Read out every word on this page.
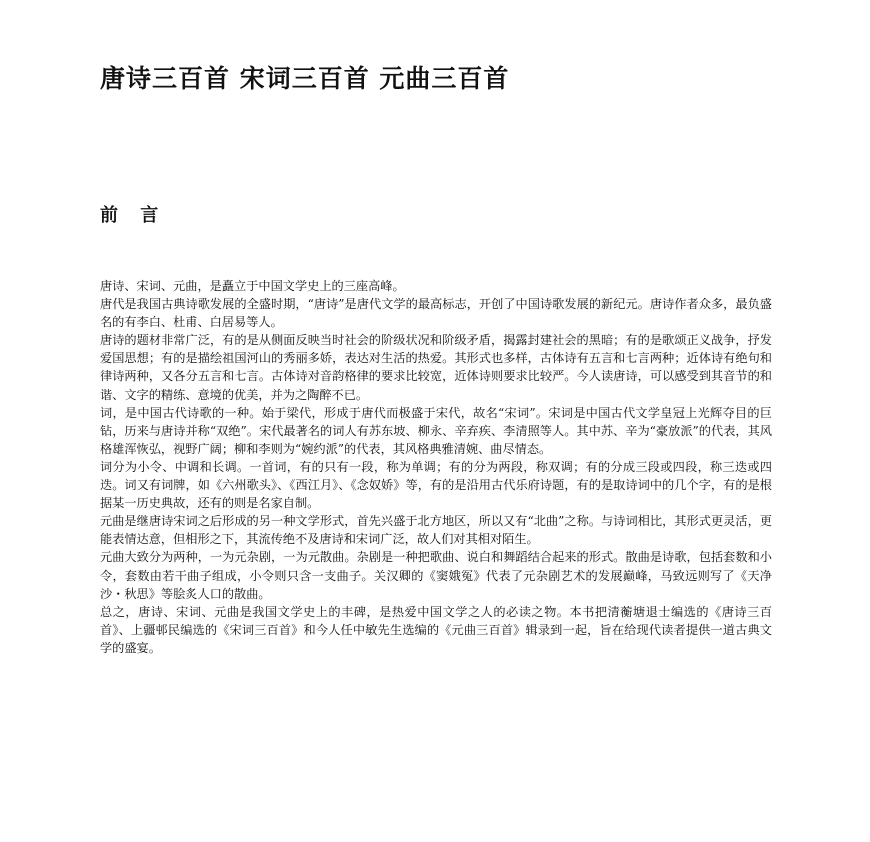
唐诗三百首 宋词三百首 元曲三百首
前 言

唐诗、宋词、元曲，是矗立于中国文学史上的三座高峰。

唐代是我国古典诗歌发展的全盛时期，“唐诗”是唐代文学的最高标志，开创了中国诗歌发展的新纪元。唐诗作者众多，最负盛名的有李白、杜甫、白居易等人。

唐诗的题材非常广泛，有的是从侧面反映当时社会的阶级状况和阶级矛盾，揭露封建社会的黑暗；有的是歌颂正义战争，抒发爱国思想；有的是描绘祖国河山的秀丽多娇，表达对生活的热爱。其形式也多样，古体诗有五言和七言两种；近体诗有绝句和律诗两种，又各分五言和七言。古体诗对音韵格律的要求比较宽，近体诗则要求比较严。今人读唐诗，可以感受到其音节的和谐、文字的精练、意境的优美，并为之陶醉不已。

词，是中国古代诗歌的一种。始于梁代，形成于唐代而极盛于宋代，故名“宋词”。宋词是中国古代文学皇冠上光辉夺目的巨钻，历来与唐诗并称“双绝”。宋代最著名的词人有苏东坡、柳永、辛弃疾、李清照等人。其中苏、辛为“豪放派”的代表，其风格雄浑恢弘，视野广阔；柳和李则为“婉约派”的代表，其风格典雅清婉、曲尽情态。

词分为小令、中调和长调。一首词，有的只有一段，称为单调；有的分为两段，称双调；有的分成三段或四段，称三迭或四迭。词又有词牌，如《六州歌头》、《西江月》、《念奴娇》等，有的是沿用古代乐府诗题，有的是取诗词中的几个字，有的是根据某一历史典故，还有的则是名家自制。

元曲是继唐诗宋词之后形成的另一种文学形式，首先兴盛于北方地区，所以又有“北曲”之称。与诗词相比，其形式更灵活，更能表情达意，但相形之下，其流传绝不及唐诗和宋词广泛，故人们对其相对陌生。

元曲大致分为两种，一为元杂剧，一为元散曲。杂剧是一种把歌曲、说白和舞蹈结合起来的形式。散曲是诗歌，包括套数和小令，套数由若干曲子组成，小令则只含一支曲子。关汉卿的《窦娥冤》代表了元杂剧艺术的发展巅峰，马致远则写了《天净沙・秋思》等脍炙人口的散曲。

总之，唐诗、宋词、元曲是我国文学史上的丰碑，是热爱中国文学之人的必读之物。本书把清蘅塘退士编选的《唐诗三百首》、上疆邨民编选的《宋词三百首》和今人任中敏先生选编的《元曲三百首》辑录到一起，旨在给现代读者提供一道古典文学的盛宴。
